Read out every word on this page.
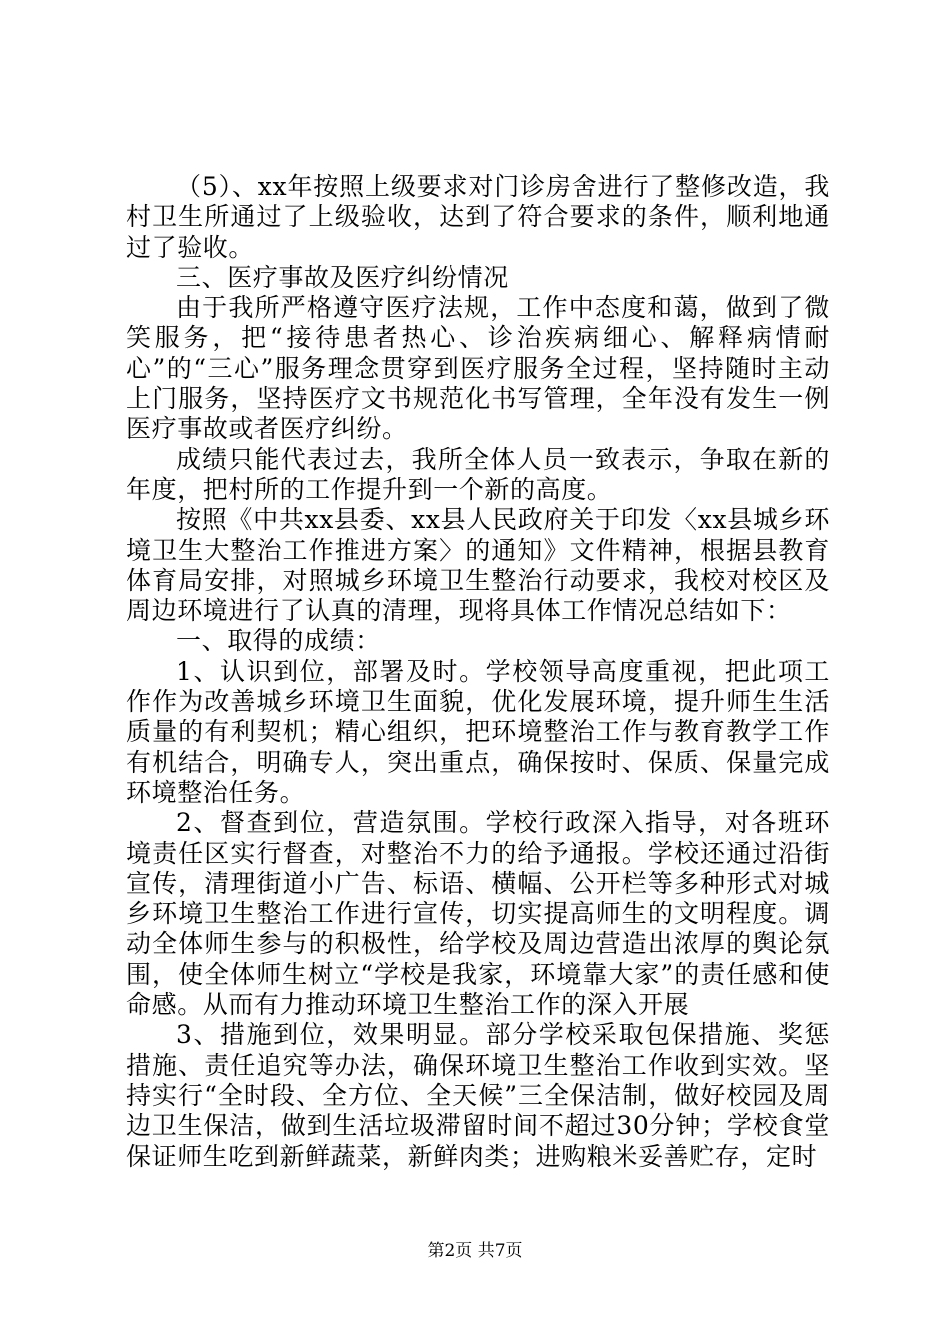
（5）、xx年按照上级要求对门诊房舍进行了整修改造，我村卫生所通过了上级验收，达到了符合要求的条件，顺利地通过了验收。

三、医疗事故及医疗纠纷情况

由于我所严格遵守医疗法规，工作中态度和蔼，做到了微笑服务，把“接待患者热心、诊治疾病细心、解释病情耐心”的“三心”服务理念贯穿到医疗服务全过程，坚持随时主动上门服务，坚持医疗文书规范化书写管理，全年没有发生一例医疗事故或者医疗纠纷。

成绩只能代表过去，我所全体人员一致表示，争取在新的年度，把村所的工作提升到一个新的高度。

按照《中共xx县委、xx县人民政府关于印发〈xx县城乡环境卫生大整治工作推进方案〉的通知》文件精神，根据县教育体育局安排，对照城乡环境卫生整治行动要求，我校对校区及周边环境进行了认真的清理，现将具体工作情况总结如下：

一、取得的成绩：

1、认识到位，部署及时。学校领导高度重视，把此项工作作为改善城乡环境卫生面貌，优化发展环境，提升师生生活质量的有利契机；精心组织，把环境整治工作与教育教学工作有机结合，明确专人，突出重点，确保按时、保质、保量完成环境整治任务。

2、督查到位，营造氛围。学校行政深入指导，对各班环境责任区实行督查，对整治不力的给予通报。学校还通过沿街宣传，清理街道小广告、标语、横幅、公开栏等多种形式对城乡环境卫生整治工作进行宣传，切实提高师生的文明程度。调动全体师生参与的积极性，给学校及周边营造出浓厚的舆论氛围，使全体师生树立“学校是我家，环境靠大家”的责任感和使命感。从而有力推动环境卫生整治工作的深入开展

3、措施到位，效果明显。部分学校采取包保措施、奖惩措施、责任追究等办法，确保环境卫生整治工作收到实效。坚持实行“全时段、全方位、全天候”三全保洁制，做好校园及周边卫生保洁，做到生活垃圾滞留时间不超过30分钟；学校食堂保证师生吃到新鲜蔬菜，新鲜肉类；进购粮米妥善贮存，定时

第2页 共7页
